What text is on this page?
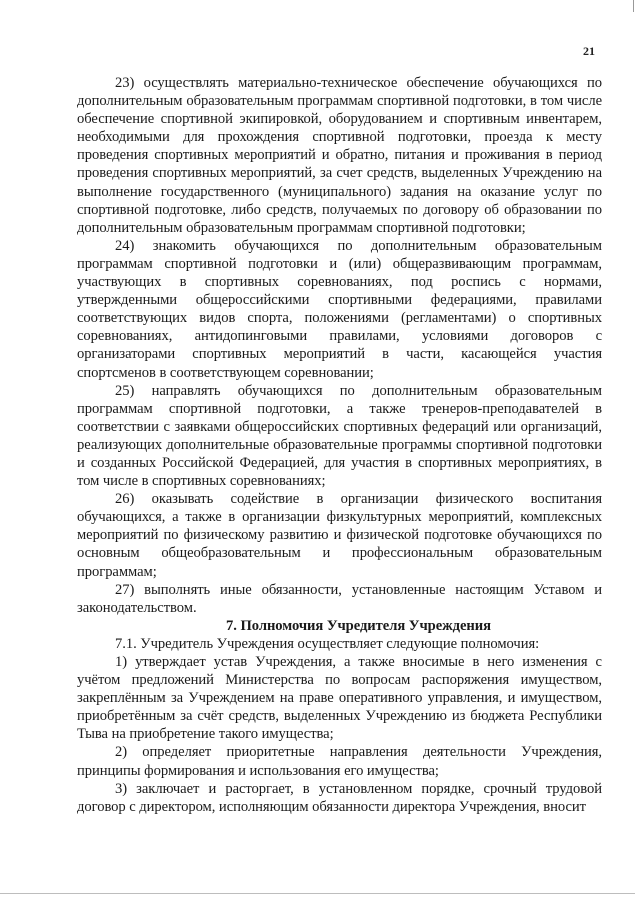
21

23) осуществлять материально-техническое обеспечение обучающихся по дополнительным образовательным программам спортивной подготовки, в том числе обеспечение спортивной экипировкой, оборудованием и спортивным инвентарем, необходимыми для прохождения спортивной подготовки, проезда к месту проведения спортивных мероприятий и обратно, питания и проживания в период проведения спортивных мероприятий, за счет средств, выделенных Учреждению на выполнение государственного (муниципального) задания на оказание услуг по спортивной подготовке, либо средств, получаемых по договору об образовании по дополнительным образовательным программам спортивной подготовки;

24) знакомить обучающихся по дополнительным образовательным программам спортивной подготовки и (или) общеразвивающим программам, участвующих в спортивных соревнованиях, под роспись с нормами, утвержденными общероссийскими спортивными федерациями, правилами соответствующих видов спорта, положениями (регламентами) о спортивных соревнованиях, антидопинговыми правилами, условиями договоров с организаторами спортивных мероприятий в части, касающейся участия спортсменов в соответствующем соревновании;

25) направлять обучающихся по дополнительным образовательным программам спортивной подготовки, а также тренеров-преподавателей в соответствии с заявками общероссийских спортивных федераций или организаций, реализующих дополнительные образовательные программы спортивной подготовки и созданных Российской Федерацией, для участия в спортивных мероприятиях, в том числе в спортивных соревнованиях;

26) оказывать содействие в организации физического воспитания обучающихся, а также в организации физкультурных мероприятий, комплексных мероприятий по физическому развитию и физической подготовке обучающихся по основным общеобразовательным и профессиональным образовательным программам;

27) выполнять иные обязанности, установленные настоящим Уставом и законодательством.

7. Полномочия Учредителя Учреждения

7.1. Учредитель Учреждения осуществляет следующие полномочия:

1) утверждает устав Учреждения, а также вносимые в него изменения с учётом предложений Министерства по вопросам распоряжения имуществом, закреплённым за Учреждением на праве оперативного управления, и имуществом, приобретённым за счёт средств, выделенных Учреждению из бюджета Республики Тыва на приобретение такого имущества;

2) определяет приоритетные направления деятельности Учреждения, принципы формирования и использования его имущества;

3) заключает и расторгает, в установленном порядке, срочный трудовой договор с директором, исполняющим обязанности директора Учреждения, вносит
